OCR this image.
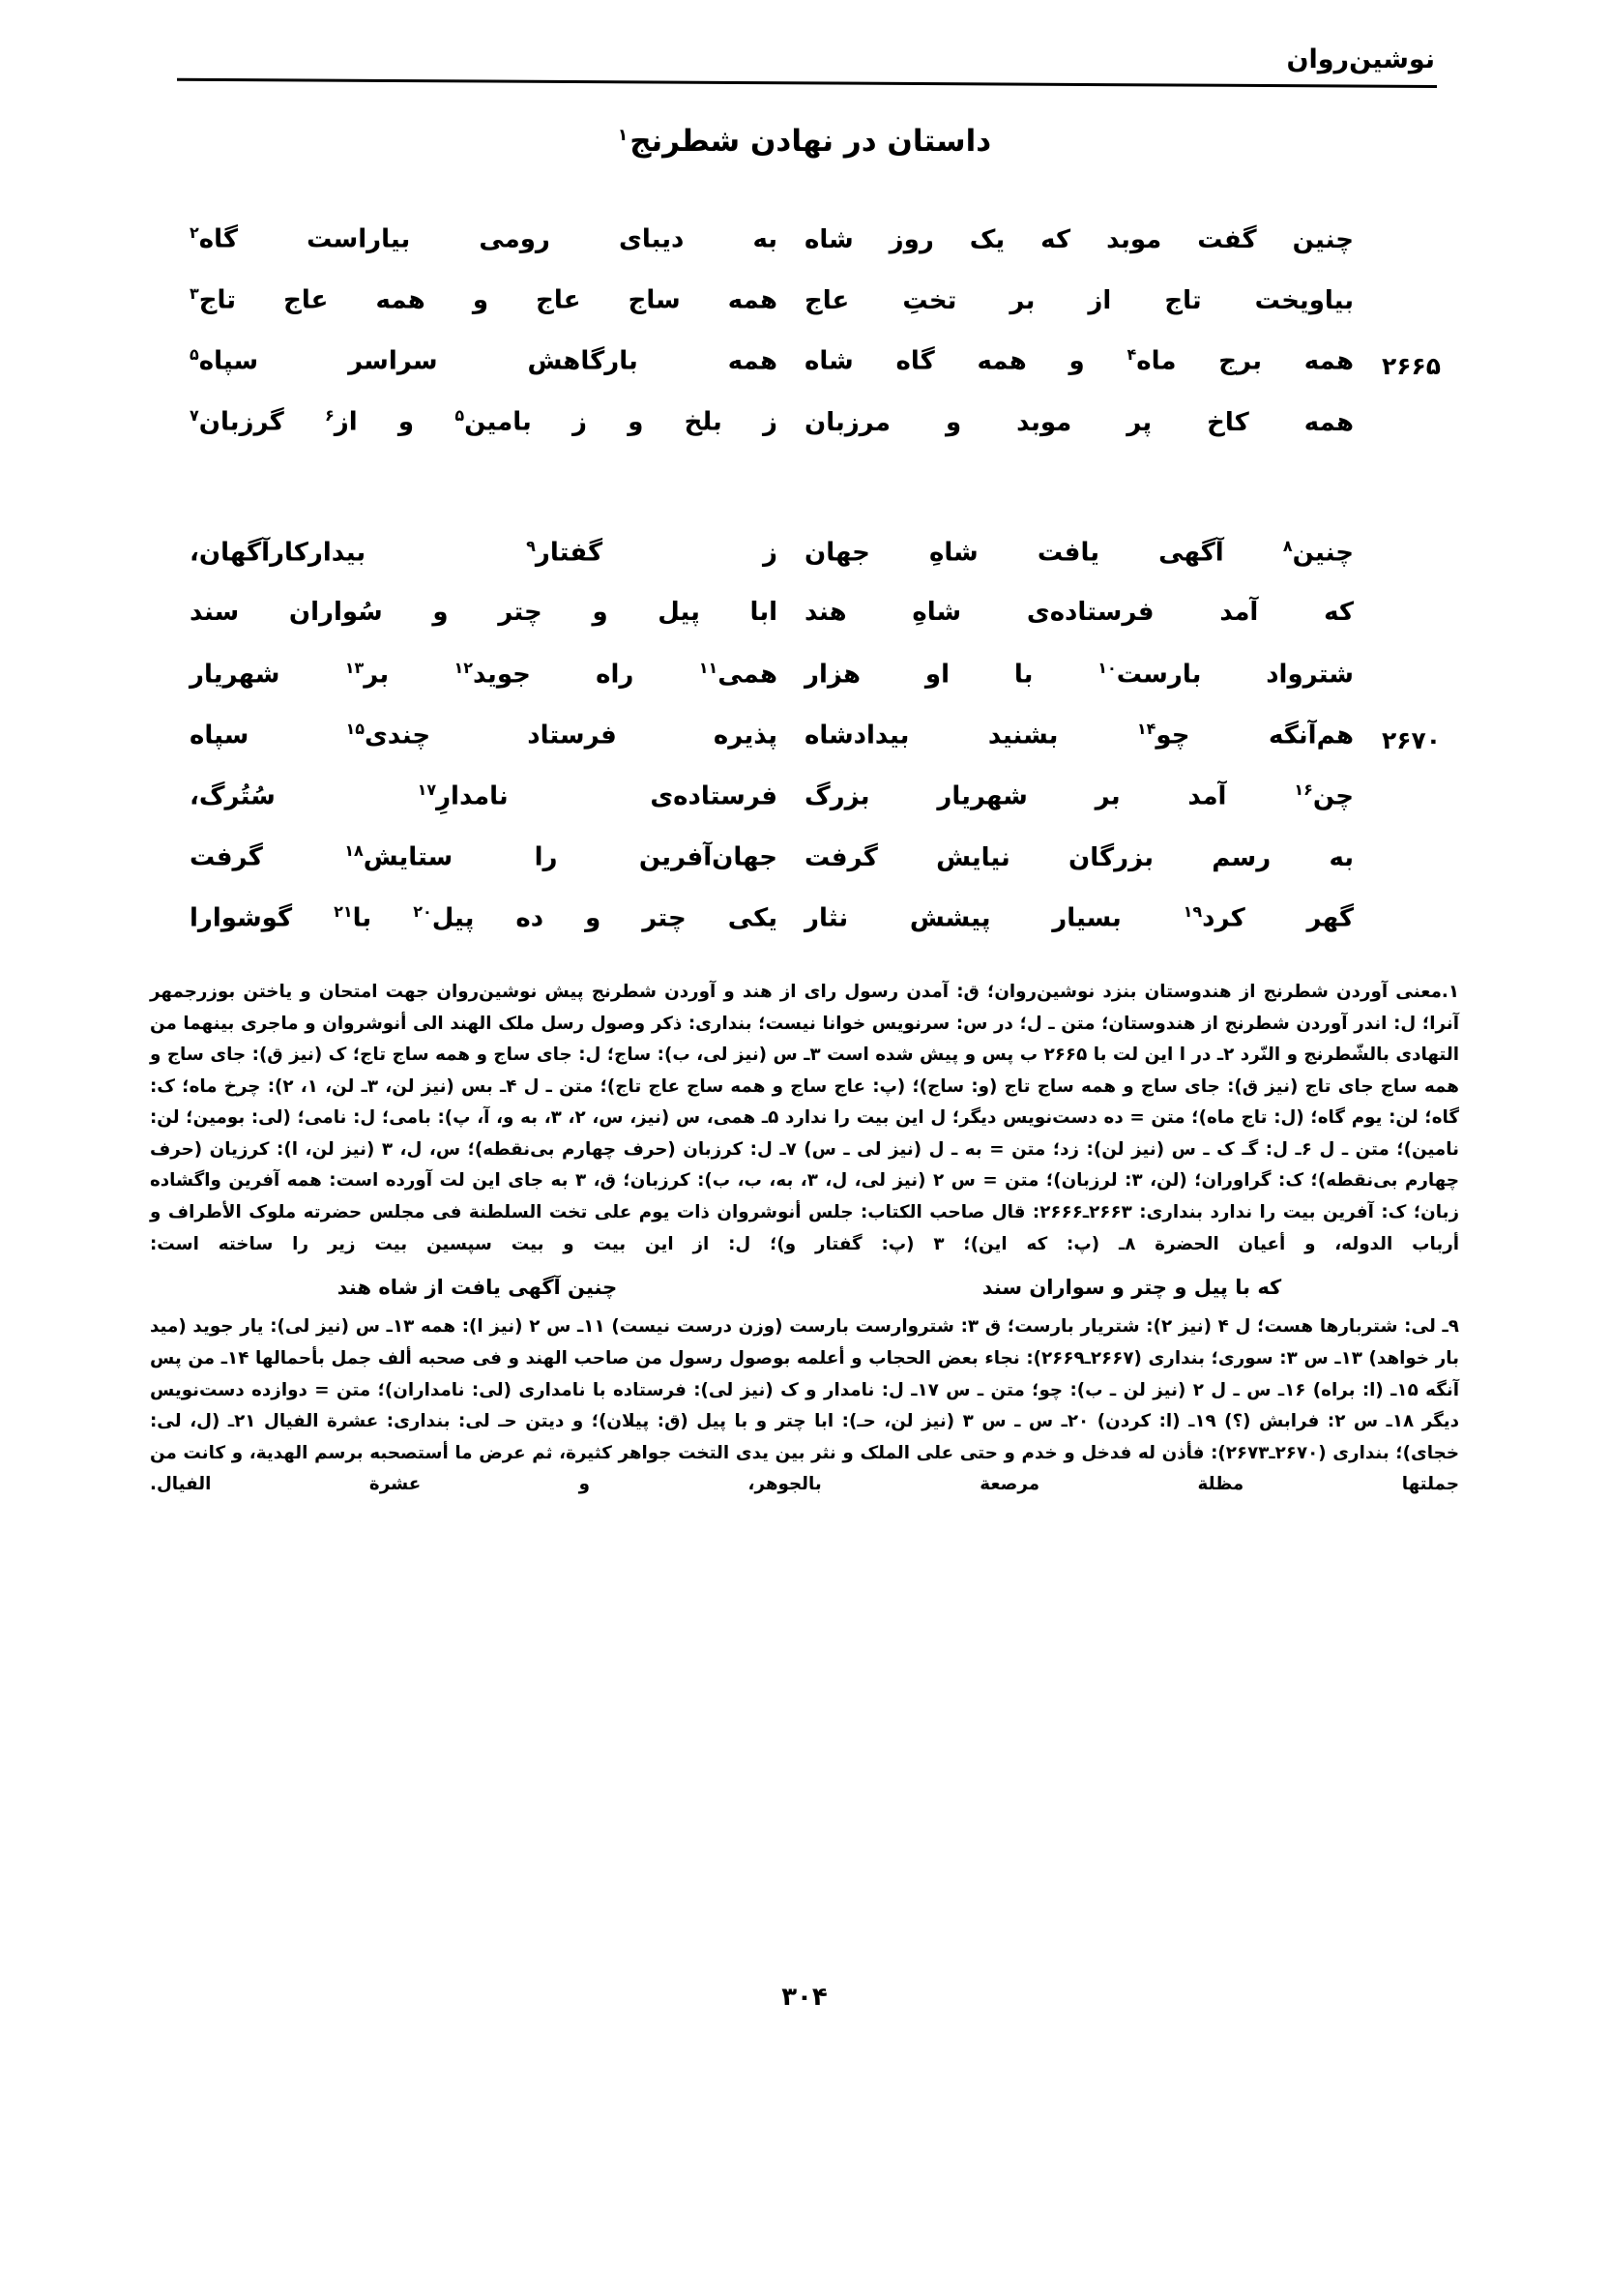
نوشین‌روان
داستان در نهادن شطرنج$^۱$
چنین گفت موبد که یک روز شاه
به دیبای رومی بیاراست گاه$^۲$
بیاویخت تاج از بر تختِ عاج
همه ساج عاج و همه عاج تاج$^۳$
۲۶۶۵
همه برج ماه$^۴$ و همه گاه شاه
همه بارگاهش سراسر سپاه$^۵$
همه کاخ پر موبد و مرزبان
ز بلخ و ز بامین$^۵$ و از$^۶$ گرزبان$^۷$
چنین$^۸$ آگهی یافت شاهِ جهان
ز گفتار$^۹$ بیدارکارآگهان،
که آمد فرستاده‌ی شاهِ هند
ابا پیل و چتر و سُواران سند
شترواد بارست$^{۱۰}$ با او هزار
همی$^{۱۱}$ راه جوید$^{۱۲}$ بر$^{۱۳}$ شهریار
۲۶۷۰
هم‌آنگه چو$^{۱۴}$ بشنید بیدادشاه
پذیره فرستاد چندی$^{۱۵}$ سپاه
چن$^{۱۶}$ آمد بر شهریار بزرگ
فرستاده‌ی نامدارِ$^{۱۷}$ سُتُرگ،
به رسم بزرگان نیایش گرفت
جهان‌آفرین را ستایش$^{۱۸}$ گرفت
گهر کرد$^{۱۹}$ بسیار پیشش نثار
یکی چتر و ده پیل$^{۲۰}$ با$^{۲۱}$ گوشوارا

۱.معنی آوردن شطرنج از هندوستان بنزد نوشین‌روان؛ ق: آمدن رسول رای از هند و آوردن شطرنج پیش نوشین‌روان جهت امتحان و یاختن بوزرجمهر آنرا؛ ل: اندر آوردن شطرنج از هندوستان؛ متن ـ ل؛ در س: سرنویس خوانا نیست؛ بنداری: ذکر وصول رسل ملک الهند الی أنوشروان و ماجری بینهما من التهادی بالشّطرنج و النّرد ۲ـ در ا این لت با ۲۶۶۵ ب پس و پیش شده است ۳ـ س (نیز لی، ب): ساج؛ ل: جای ساج و همه ساج تاج؛ ک (نیز ق): جای ساج و همه ساج جای تاج (نیز ق): جای ساج و همه ساج تاج (و: ساج)؛ (پ: عاج ساج و همه ساج عاج تاج)؛ متن ـ ل ۴ـ بس (نیز لن، ۳ـ لن، ۱، ۲): چرخ ماه؛ ک: گاه؛ لن: یوم گاه؛ (ل: تاج ماه)؛ متن = ده دست‌نویس دیگر؛ ل این بیت را ندارد ۵ـ همی، س (نیز، س، ۲، ۳، به و، آ، پ): بامی؛ ل: نامی؛ (لی: بومین؛ لن: نامین)؛ متن ـ ل ۶ـ ل: گـ ک ـ س (نیز لن): زد؛ متن = به ـ ل (نیز لی ـ س) ۷ـ ل: کرزبان (حرف چهارم بی‌نقطه)؛ س، ل، ۳ (نیز لن، ا): کرزیان (حرف چهارم بی‌نقطه)؛ ک: گراوران؛ (لن، ۳: لرزبان)؛ متن = س ۲ (نیز لی، ل، ۳، به، ب، ب): کرزبان؛ ق، ۳ به جای این لت آورده است: همه آفرین واگشاده زبان؛ ک: آفرین بیت را ندارد بنداری: ۲۶۶۳ـ۲۶۶۶: قال صاحب الکتاب: جلس أنوشروان ذات یوم علی تخت السلطنة فی مجلس حضرته ملوک الأطراف و أرباب الدوله، و أعیان الحضرة ۸ـ (پ: که این)؛ ۳ (پ: گفتار و)؛ ل: از این بیت و بیت سپسین بیت زیر را ساخته است:

که با پیل و چتر و سواران سند
چنین آگهی یافت از شاه هند

۹ـ لی: شتربارها هست؛ ل ۴ (نیز ۲): شتریار بارست؛ ق ۳: شتروارست بارست (وزن درست نیست) ۱۱ـ س ۲ (نیز ا): همه ۱۳ـ س (نیز لی): یار جوید (مید بار خواهد) ۱۳ـ س ۳: سوری؛ بنداری (۲۶۶۷ـ۲۶۶۹): نجاء بعض الحجاب و أعلمه بوصول رسول من صاحب الهند و فی صحبه ألف جمل بأحمالها ۱۴ـ من پس آنگه ۱۵ـ (ا: براه) ۱۶ـ س ـ ل ۲ (نیز لن ـ ب): چو؛ متن ـ س ۱۷ـ ل: نامدار و ک (نیز لی): فرستاده با نامداری (لی: نامداران)؛ متن = دوازده دست‌نویس دیگر ۱۸ـ س ۲: فرابش (؟) ۱۹ـ (ا: کردن) ۲۰ـ س ـ س ۳ (نیز لن، حـ): ابا چتر و با پیل (ق: پیلان)؛ و دیتن حـ لی: بنداری: عشرة الفیال ۲۱ـ (ل، لی: خجای)؛ بنداری (۲۶۷۰ـ۲۶۷۳): فأذن له فدخل و خدم و حتی علی الملک و نثر بین یدی التخت جواهر کثیرة، ثم عرض ما أستصحبه برسم الهدیة، و کانت من جملتها مظلة مرصعة بالجوهر، و عشرة الفیال.

۳۰۴
